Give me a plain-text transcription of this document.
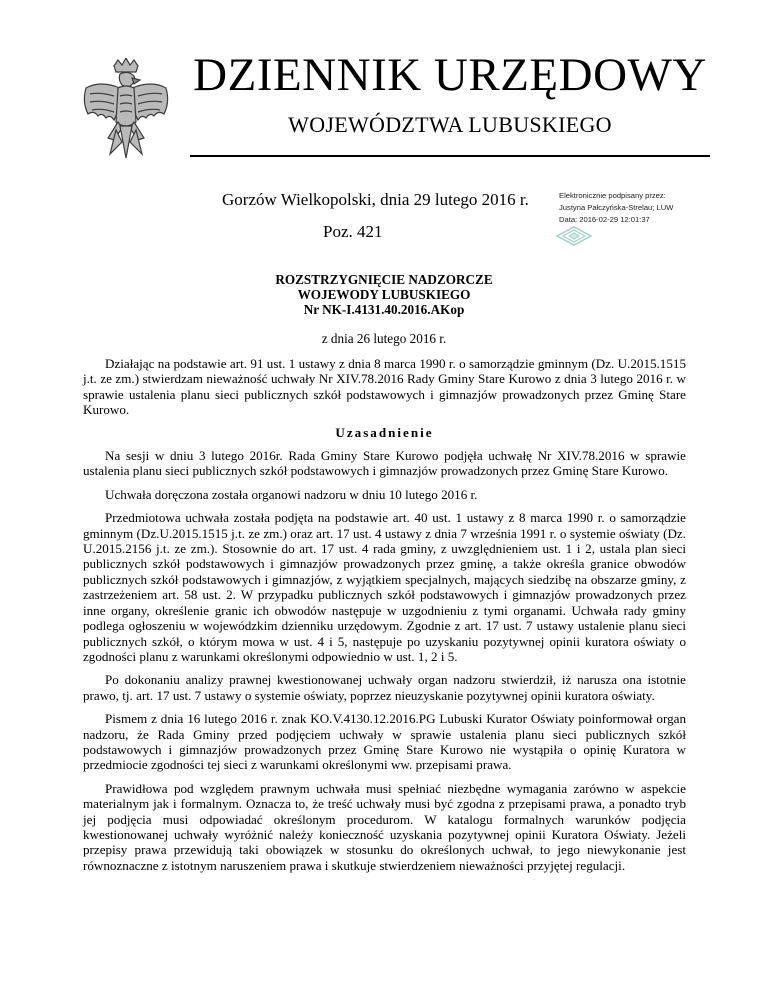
DZIENNIK URZĘDOWY
WOJEWÓDZTWA LUBUSKIEGO
Gorzów Wielkopolski, dnia 29 lutego 2016 r.
Poz. 421
Elektronicznie podpisany przez:
Justyna Pałczyńska-Strelau; LUW
Data: 2016-02-29 12:01:37
ROZSTRZYGNIĘCIE NADZORCZE
WOJEWODY LUBUSKIEGO
Nr NK-I.4131.40.2016.AKop
z dnia 26 lutego 2016 r.

Działając na podstawie art. 91 ust. 1 ustawy z dnia 8 marca 1990 r. o samorządzie gminnym (Dz. U.2015.1515 j.t. ze zm.) stwierdzam nieważność uchwały Nr XIV.78.2016 Rady Gminy Stare Kurowo z dnia 3 lutego 2016 r. w sprawie ustalenia planu sieci publicznych szkół podstawowych i gimnazjów prowadzonych przez Gminę Stare Kurowo.

Uzasadnienie

Na sesji w dniu 3 lutego 2016r. Rada Gminy Stare Kurowo podjęła uchwałę Nr XIV.78.2016 w sprawie ustalenia planu sieci publicznych szkół podstawowych i gimnazjów prowadzonych przez Gminę Stare Kurowo.

Uchwała doręczona została organowi nadzoru w dniu 10 lutego 2016 r.

Przedmiotowa uchwała została podjęta na podstawie art. 40 ust. 1 ustawy z 8 marca 1990 r. o samorządzie gminnym (Dz.U.2015.1515 j.t. ze zm.) oraz art. 17 ust. 4 ustawy z dnia 7 września 1991 r. o systemie oświaty (Dz. U.2015.2156 j.t. ze zm.). Stosownie do art. 17 ust. 4 rada gminy, z uwzględnieniem ust. 1 i 2, ustala plan sieci publicznych szkół podstawowych i gimnazjów prowadzonych przez gminę, a także określa granice obwodów publicznych szkół podstawowych i gimnazjów, z wyjątkiem specjalnych, mających siedzibę na obszarze gminy, z zastrzeżeniem art. 58 ust. 2. W przypadku publicznych szkół podstawowych i gimnazjów prowadzonych przez inne organy, określenie granic ich obwodów następuje w uzgodnieniu z tymi organami. Uchwała rady gminy podlega ogłoszeniu w wojewódzkim dzienniku urzędowym. Zgodnie z art. 17 ust. 7 ustawy ustalenie planu sieci publicznych szkół, o którym mowa w ust. 4 i 5, następuje po uzyskaniu pozytywnej opinii kuratora oświaty o zgodności planu z warunkami określonymi odpowiednio w ust. 1, 2 i 5.

Po dokonaniu analizy prawnej kwestionowanej uchwały organ nadzoru stwierdził, iż narusza ona istotnie prawo, tj. art. 17 ust. 7 ustawy o systemie oświaty, poprzez nieuzyskanie pozytywnej opinii kuratora oświaty.

Pismem z dnia 16 lutego 2016 r. znak KO.V.4130.12.2016.PG Lubuski Kurator Oświaty poinformował organ nadzoru, że Rada Gminy przed podjęciem uchwały w sprawie ustalenia planu sieci publicznych szkół podstawowych i gimnazjów prowadzonych przez Gminę Stare Kurowo nie wystąpiła o opinię Kuratora w przedmiocie zgodności tej sieci z warunkami określonymi ww. przepisami prawa.

Prawidłowa pod względem prawnym uchwała musi spełniać niezbędne wymagania zarówno w aspekcie materialnym jak i formalnym. Oznacza to, że treść uchwały musi być zgodna z przepisami prawa, a ponadto tryb jej podjęcia musi odpowiadać określonym procedurom. W katalogu formalnych warunków podjęcia kwestionowanej uchwały wyróżnić należy konieczność uzyskania pozytywnej opinii Kuratora Oświaty. Jeżeli przepisy prawa przewidują taki obowiązek w stosunku do określonych uchwał, to jego niewykonanie jest równoznaczne z istotnym naruszeniem prawa i skutkuje stwierdzeniem nieważności przyjętej regulacji.
